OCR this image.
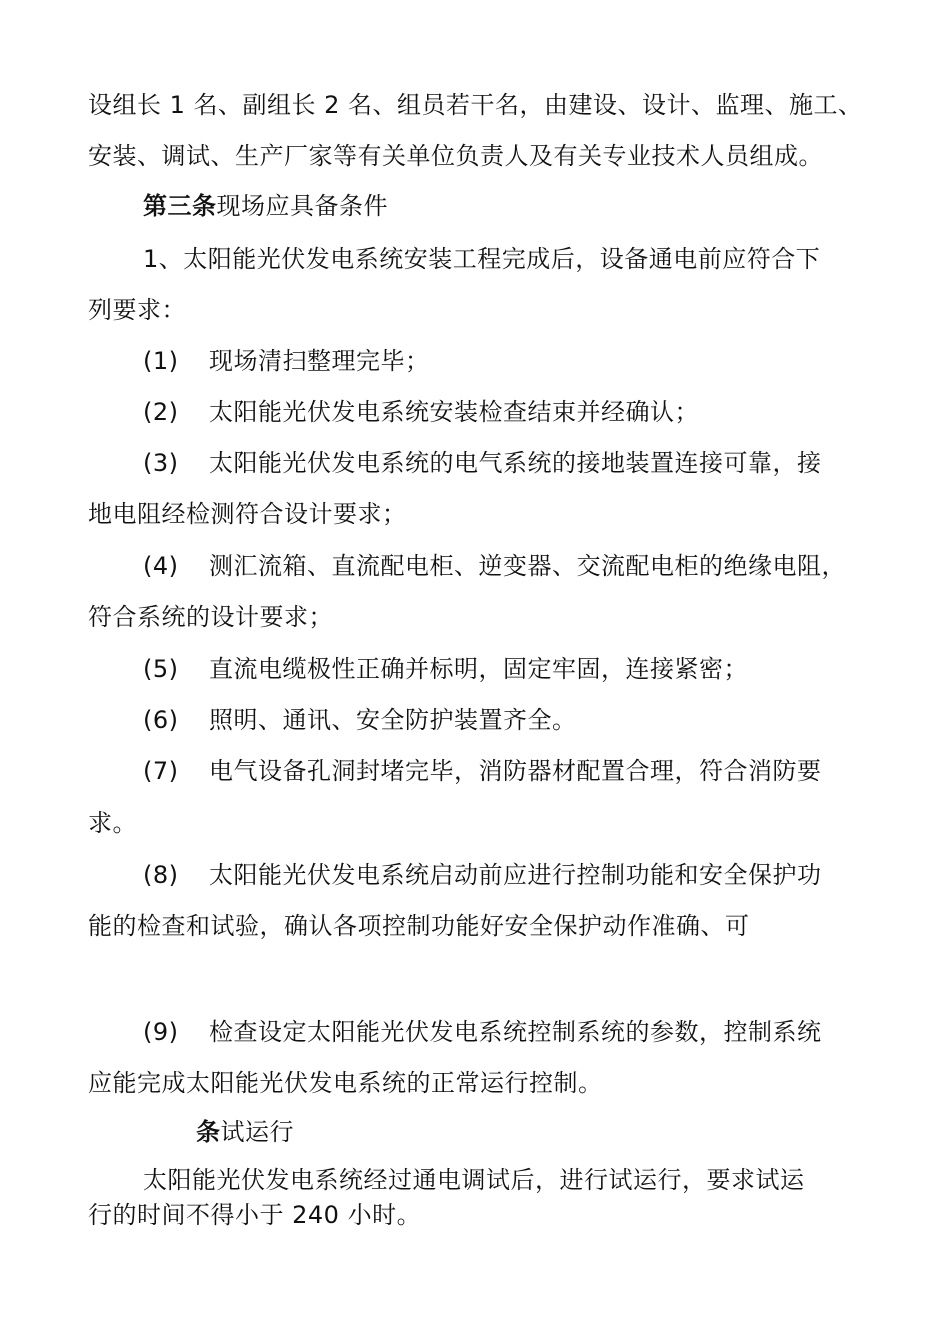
设组长 1 名、副组长 2 名、组员若干名，由建设、设计、监理、施工、
安装、调试、生产厂家等有关单位负责人及有关专业技术人员组成。
第三条现场应具备条件
1、太阳能光伏发电系统安装工程完成后，设备通电前应符合下
列要求：
(1) 现场清扫整理完毕；
(2) 太阳能光伏发电系统安装检查结束并经确认；
(3) 太阳能光伏发电系统的电气系统的接地装置连接可靠，接
地电阻经检测符合设计要求；
(4) 测汇流箱、直流配电柜、逆变器、交流配电柜的绝缘电阻，
符合系统的设计要求；
(5) 直流电缆极性正确并标明，固定牢固，连接紧密；
(6) 照明、通讯、安全防护装置齐全。
(7) 电气设备孔洞封堵完毕，消防器材配置合理，符合消防要
求。
(8) 太阳能光伏发电系统启动前应进行控制功能和安全保护功
能的检查和试验，确认各项控制功能好安全保护动作准确、可
(9) 检查设定太阳能光伏发电系统控制系统的参数，控制系统
应能完成太阳能光伏发电系统的正常运行控制。
条试运行
太阳能光伏发电系统经过通电调试后，进行试运行，要求试运
行的时间不得小于 240 小时。
